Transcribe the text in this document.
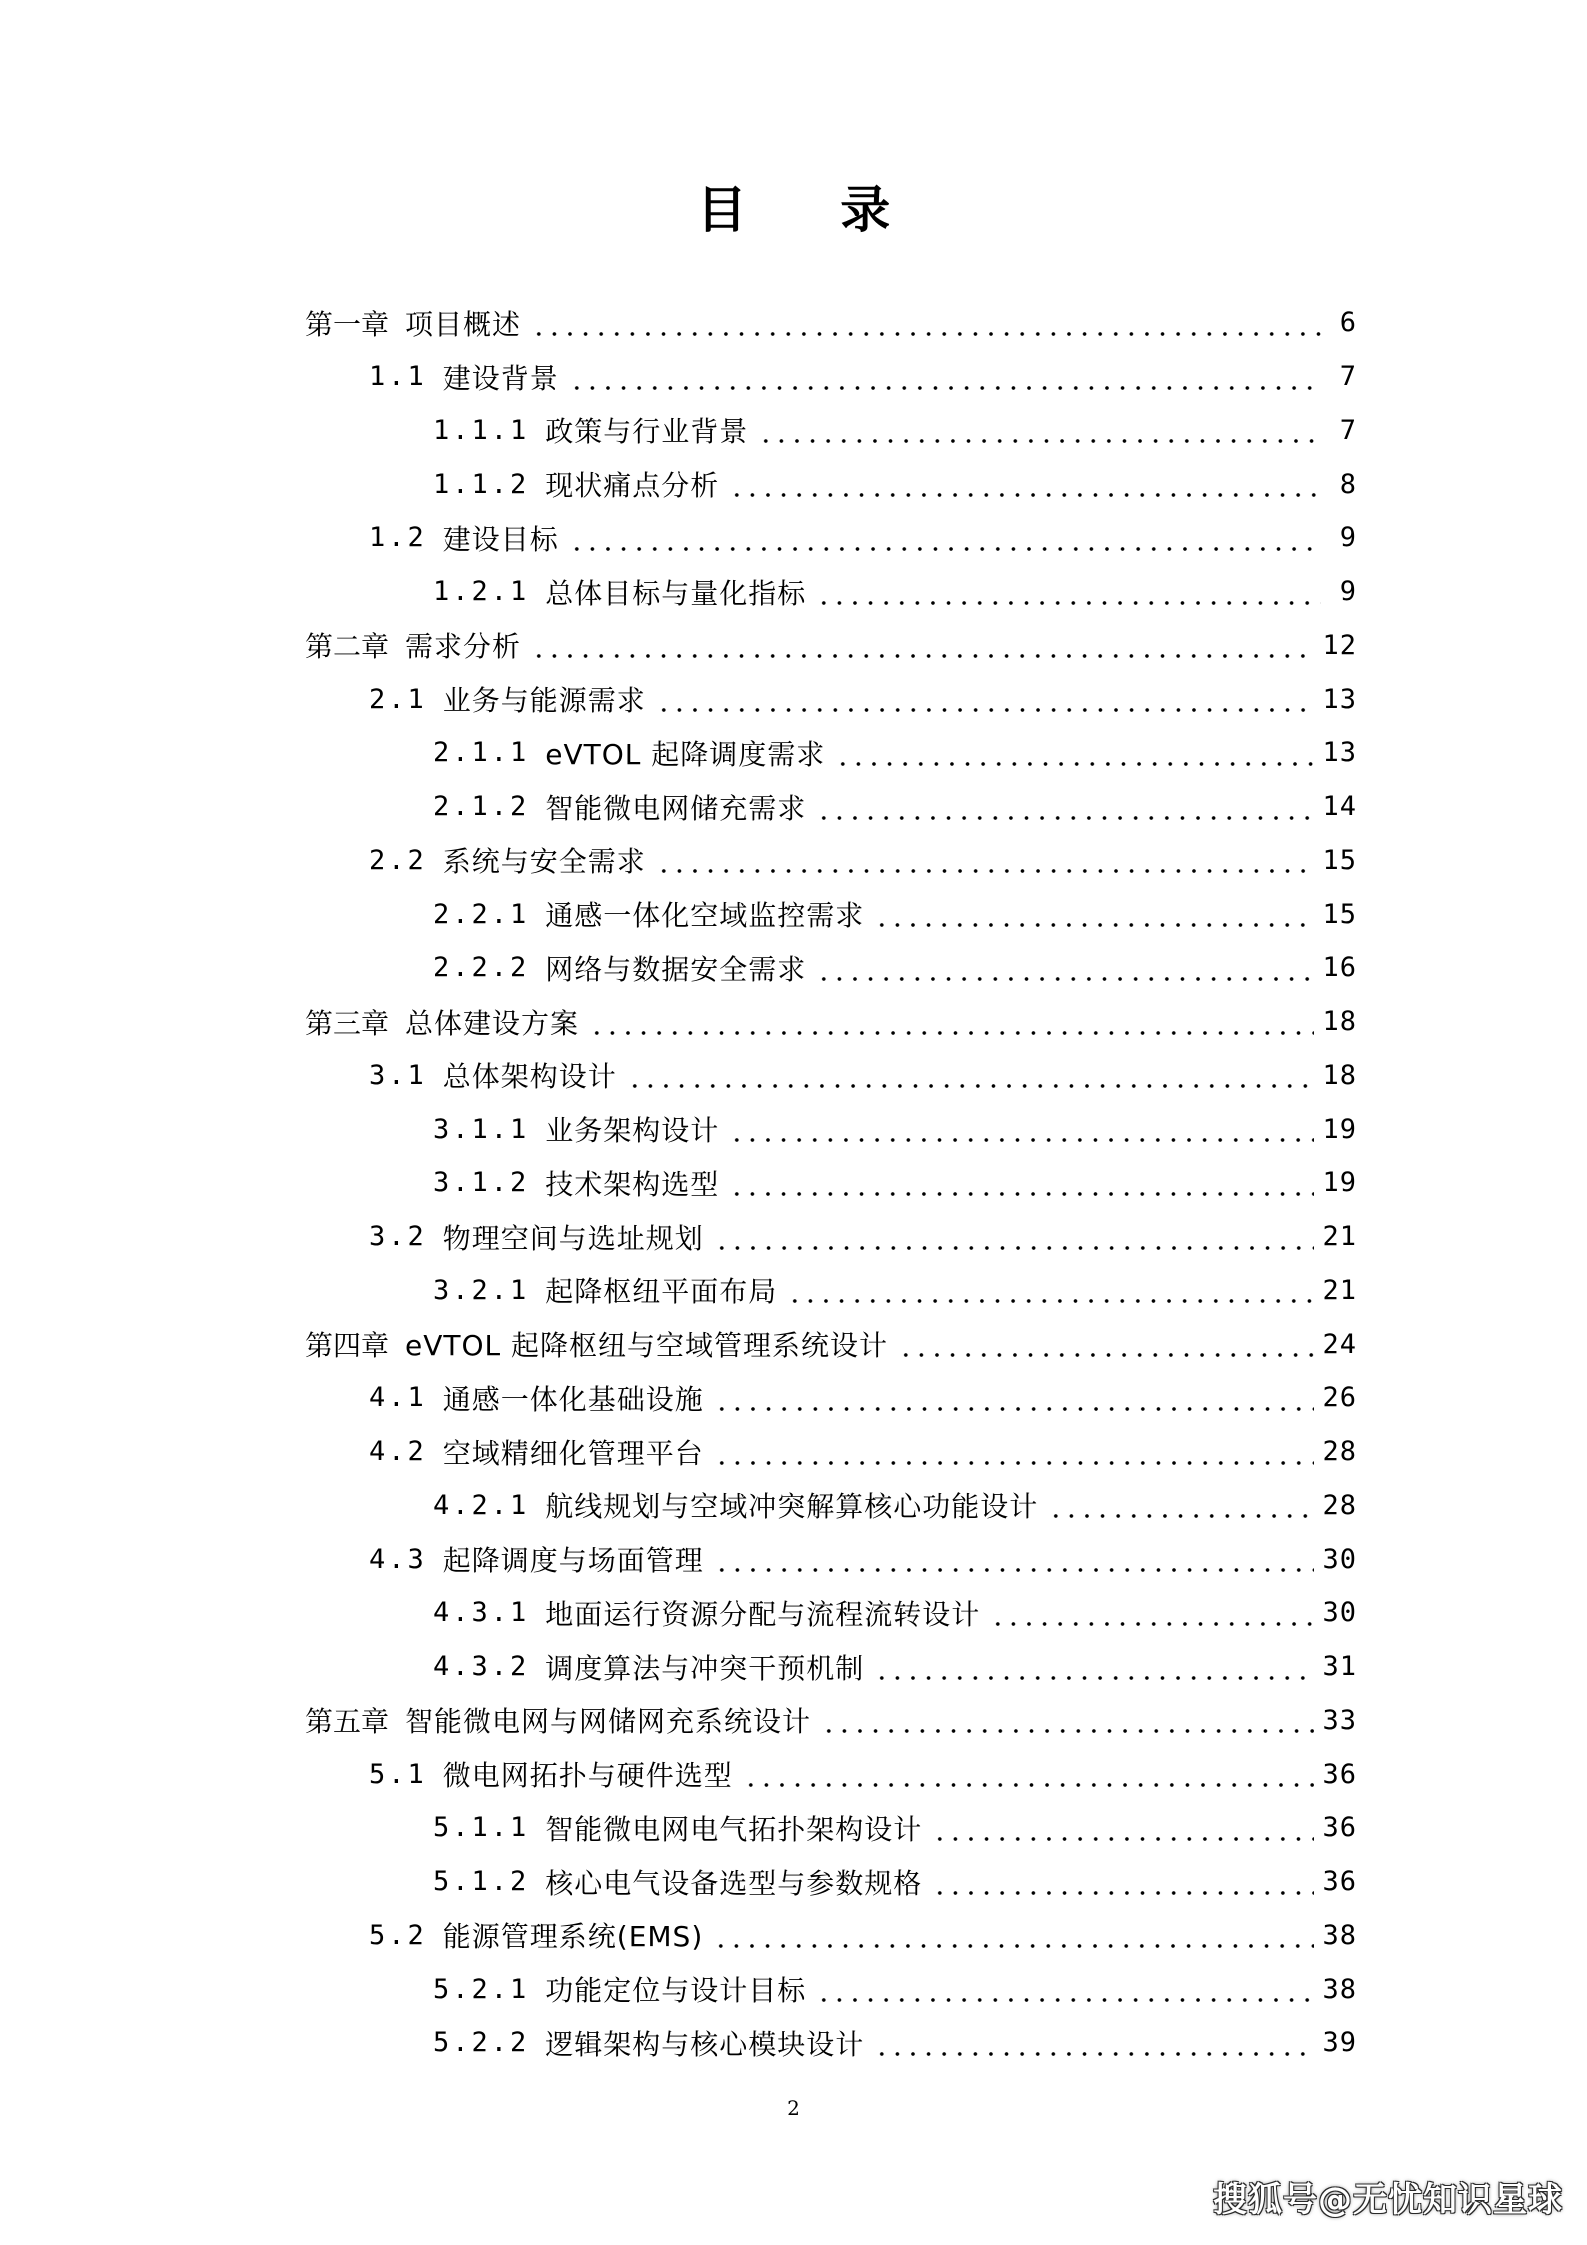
目 录
第一章 项目概述	6
1.1 建设背景	7
1.1.1 政策与行业背景	7
1.1.2 现状痛点分析	8
1.2 建设目标	9
1.2.1 总体目标与量化指标	9
第二章 需求分析	12
2.1 业务与能源需求	13
2.1.1 eVTOL 起降调度需求	13
2.1.2 智能微电网储充需求	14
2.2 系统与安全需求	15
2.2.1 通感一体化空域监控需求	15
2.2.2 网络与数据安全需求	16
第三章 总体建设方案	18
3.1 总体架构设计	18
3.1.1 业务架构设计	19
3.1.2 技术架构选型	19
3.2 物理空间与选址规划	21
3.2.1 起降枢纽平面布局	21
第四章 eVTOL 起降枢纽与空域管理系统设计	24
4.1 通感一体化基础设施	26
4.2 空域精细化管理平台	28
4.2.1 航线规划与空域冲突解算核心功能设计	28
4.3 起降调度与场面管理	30
4.3.1 地面运行资源分配与流程流转设计	30
4.3.2 调度算法与冲突干预机制	31
第五章 智能微电网与网储网充系统设计	33
5.1 微电网拓扑与硬件选型	36
5.1.1 智能微电网电气拓扑架构设计	36
5.1.2 核心电气设备选型与参数规格	36
5.2 能源管理系统(EMS)	38
5.2.1 功能定位与设计目标	38
5.2.2 逻辑架构与核心模块设计	39
2
搜狐号@无忧知识星球
